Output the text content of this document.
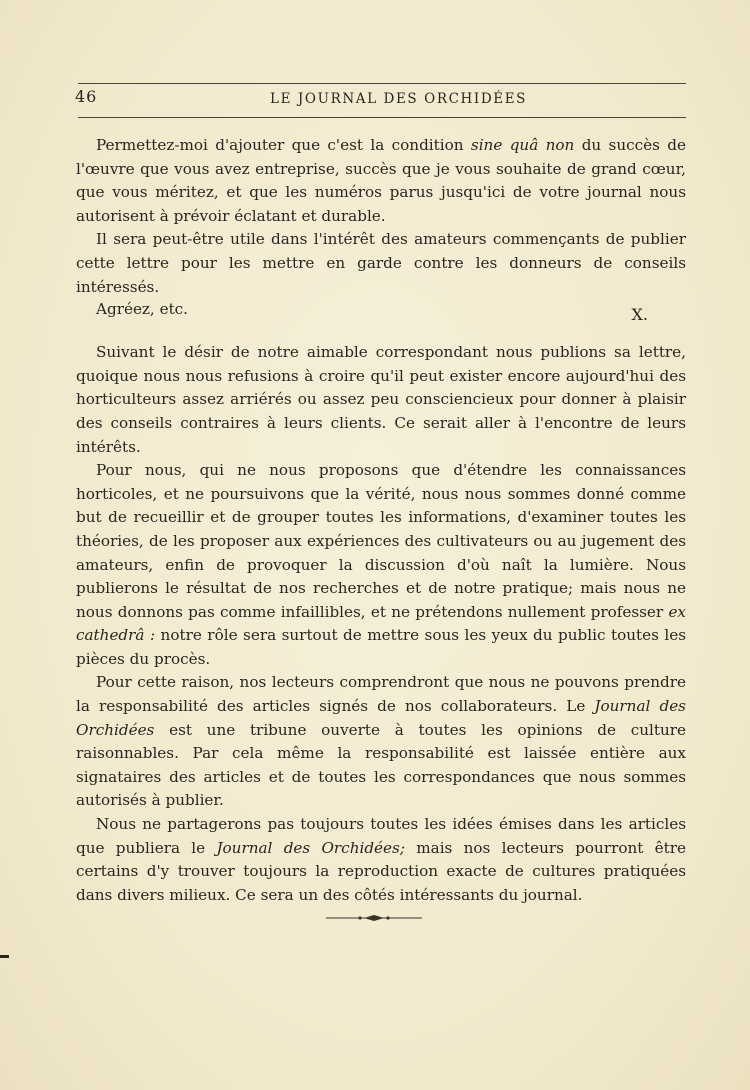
46	LE JOURNAL DES ORCHIDÉES

Permettez-moi d'ajouter que c'est la condition sine quâ non du succès de l'œuvre que vous avez entreprise, succès que je vous souhaite de grand cœur, que vous méritez, et que les numéros parus jusqu'ici de votre journal nous autorisent à prévoir éclatant et durable.

Il sera peut-être utile dans l'intérêt des amateurs commençants de publier cette lettre pour les mettre en garde contre les donneurs de conseils intéressés.

Agréez, etc.	X.

Suivant le désir de notre aimable correspondant nous publions sa lettre, quoique nous nous refusions à croire qu'il peut exister encore aujourd'hui des horticulteurs assez arriérés ou assez peu consciencieux pour donner à plaisir des conseils contraires à leurs clients. Ce serait aller à l'encontre de leurs intérêts.

Pour nous, qui ne nous proposons que d'étendre les connaissances horticoles, et ne poursuivons que la vérité, nous nous sommes donné comme but de recueillir et de grouper toutes les informations, d'examiner toutes les théories, de les proposer aux expériences des cultivateurs ou au jugement des amateurs, enfin de provoquer la discussion d'où naît la lumière. Nous publierons le résultat de nos recherches et de notre pratique; mais nous ne nous donnons pas comme infaillibles, et ne prétendons nullement professer ex cathedrâ : notre rôle sera surtout de mettre sous les yeux du public toutes les pièces du procès.

Pour cette raison, nos lecteurs comprendront que nous ne pouvons prendre la responsabilité des articles signés de nos collaborateurs. Le Journal des Orchidées est une tribune ouverte à toutes les opinions de culture raisonnables. Par cela même la responsabilité est laissée entière aux signataires des articles et de toutes les correspondances que nous sommes autorisés à publier.

Nous ne partagerons pas toujours toutes les idées émises dans les articles que publiera le Journal des Orchidées; mais nos lecteurs pourront être certains d'y trouver toujours la reproduction exacte de cultures pratiquées dans divers milieux. Ce sera un des côtés intéressants du journal.
